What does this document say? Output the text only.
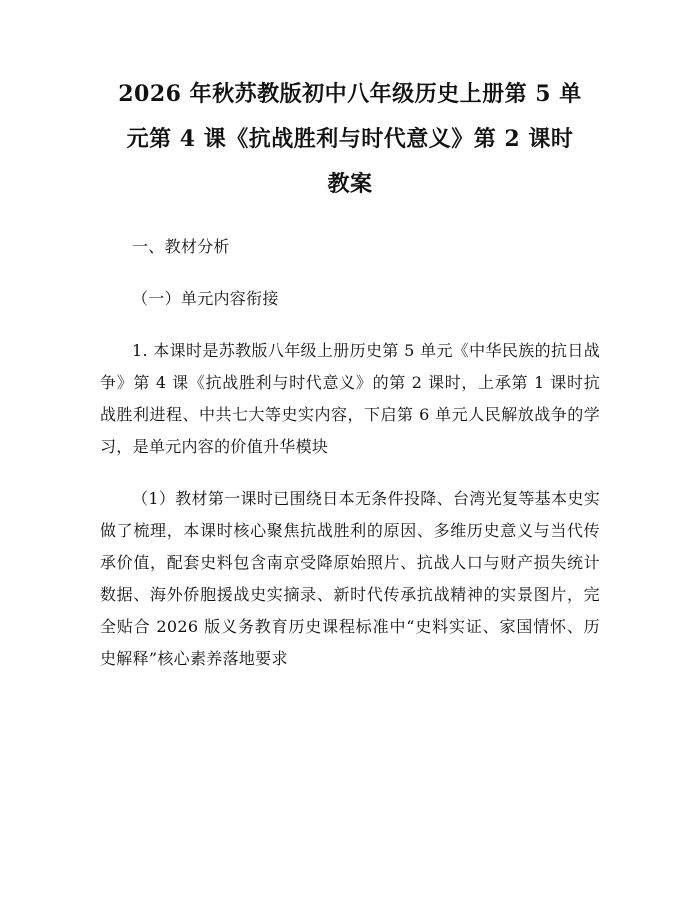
2026 年秋苏教版初中八年级历史上册第 5 单
元第 4 课《抗战胜利与时代意义》第 2 课时
教案

一、教材分析

（一）单元内容衔接

1. 本课时是苏教版八年级上册历史第 5 单元《中华民族的抗日战争》第 4 课《抗战胜利与时代意义》的第 2 课时，上承第 1 课时抗战胜利进程、中共七大等史实内容，下启第 6 单元人民解放战争的学习，是单元内容的价值升华模块

（1）教材第一课时已围绕日本无条件投降、台湾光复等基本史实做了梳理，本课时核心聚焦抗战胜利的原因、多维历史意义与当代传承价值，配套史料包含南京受降原始照片、抗战人口与财产损失统计数据、海外侨胞援战史实摘录、新时代传承抗战精神的实景图片，完全贴合 2026 版义务教育历史课程标准中“史料实证、家国情怀、历史解释”核心素养落地要求
